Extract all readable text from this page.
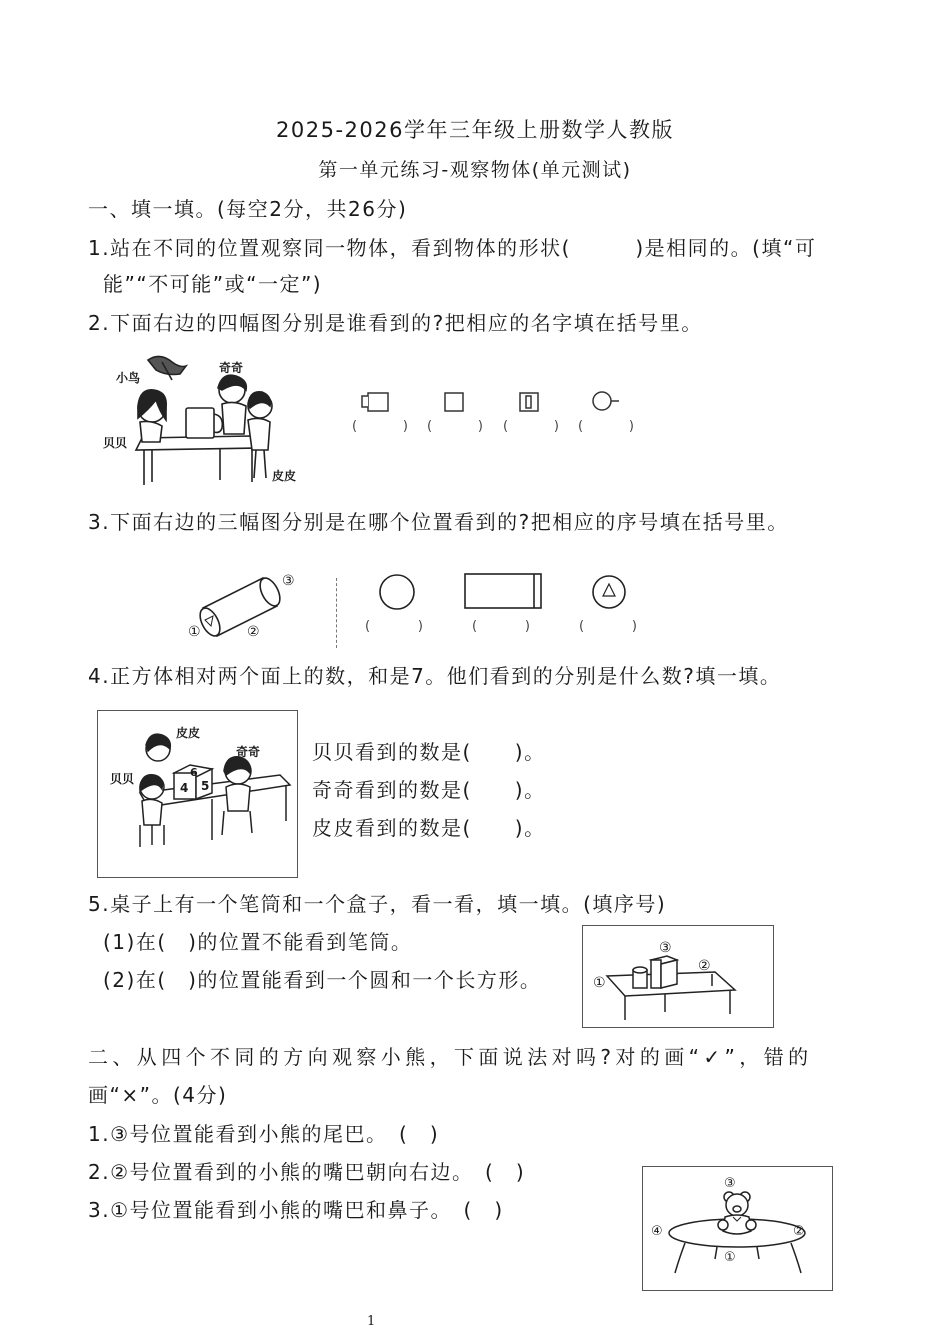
2025-2026学年三年级上册数学人教版
第一单元练习-观察物体(单元测试)
一、填一填。(每空2分，共26分)
1.站在不同的位置观察同一物体，看到物体的形状(　　　)是相同的。(填“可
能”“不可能”或“一定”)
2.下面右边的四幅图分别是谁看到的?把相应的名字填在括号里。
小鸟
奇奇
贝贝
皮皮
(	) (	) (	) (	)
3.下面右边的三幅图分别是在哪个位置看到的?把相应的序号填在括号里。
③
①	②	(	)	(	)	(	)
4.正方体相对两个面上的数，和是7。他们看到的分别是什么数?填一填。
皮皮
奇奇
贝贝	6
4 5
贝贝看到的数是(　　)。
奇奇看到的数是(　　)。
皮皮看到的数是(　　)。
5.桌子上有一个笔筒和一个盒子，看一看，填一填。(填序号)
(1)在(　)的位置不能看到笔筒。
(2)在(　)的位置能看到一个圆和一个长方形。
③
①
②
二、从四个不同的方向观察小熊，下面说法对吗?对的画“✓”，错的
画“×”。(4分)
1.③号位置能看到小熊的尾巴。　(　)
2.②号位置看到的小熊的嘴巴朝向右边。　(　)
3.①号位置能看到小熊的嘴巴和鼻子。　(　)
③
④	②
①
1
